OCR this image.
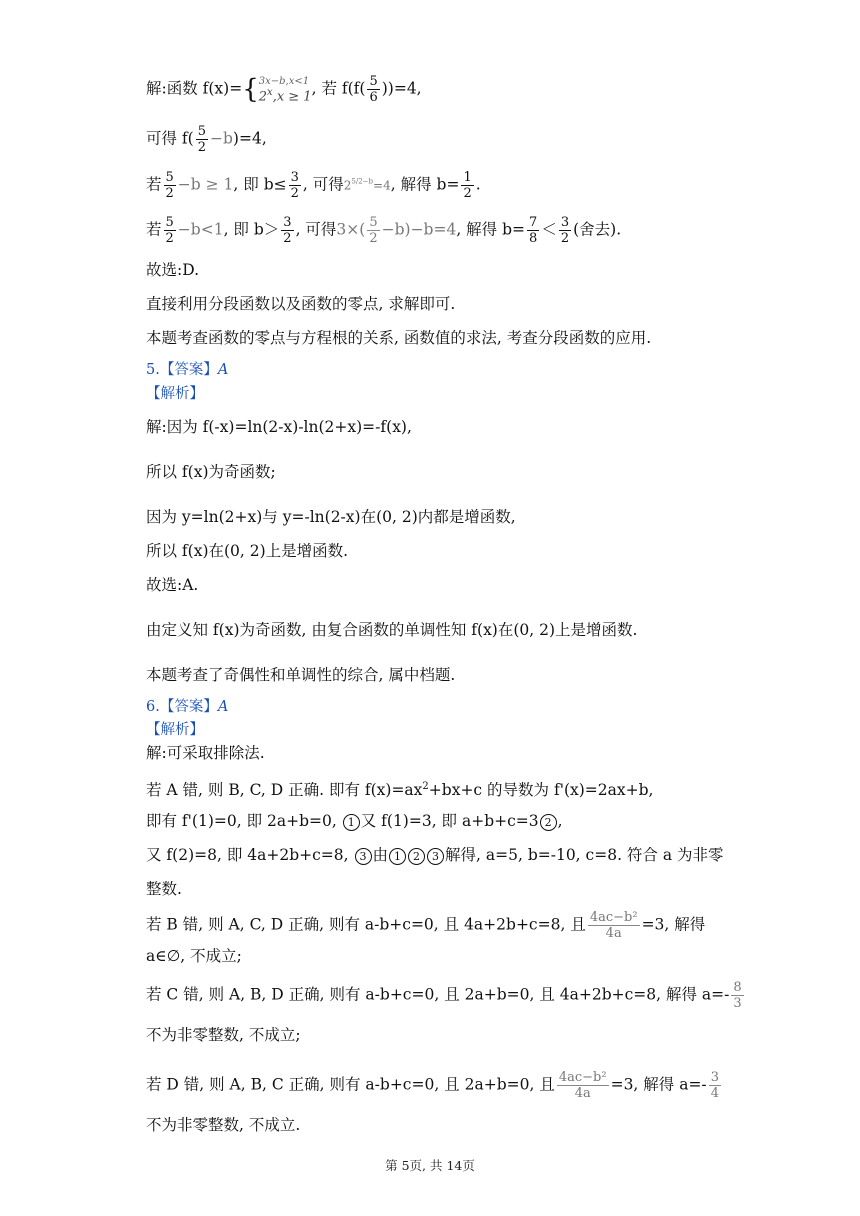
解:函数 f(x)={ 3x−b,x<1
$2^x,x \ge 1$ , 若 $f(f( \frac{5}{6} ))=4$,
可得 $f( \frac{5}{2} -b)=4$,
若 $\frac{5}{2} -b \ge 1$, 即 $b\le \frac{3}{2}$ , 可得$2^{5/2-b}=4$, 解得 $b= \frac{1}{2}$ .
若 $\frac{5}{2} -b<1$, 即 $b> \frac{3}{2}$ , 可得$3\times( \frac{5}{2} -b)-b=4$, 解得 $b= \frac{7}{8} < \frac{3}{2}$ (舍去).
故选:D.
直接利用分段函数以及函数的零点, 求解即可.
本题考查函数的零点与方程根的关系, 函数值的求法, 考查分段函数的应用.
5.【答案】A
【解析】
解:因为 f(-x)=ln(2-x)-ln(2+x)=-f(x),
所以 f(x)为奇函数;
因为 y=ln(2+x)与 y=-ln(2-x)在(0, 2)内都是增函数,
所以 f(x)在(0, 2)上是增函数.
故选:A.
由定义知 f(x)为奇函数, 由复合函数的单调性知 f(x)在(0, 2)上是增函数.
本题考查了奇偶性和单调性的综合, 属中档题.
6.【答案】A
【解析】
解:可采取排除法.
若 A 错, 则 B, C, D 正确. 即有 $f(x)=ax^2+bx+c$ 的导数为 f'(x)=2ax+b,
即有 f'(1)=0, 即 2a+b=0, 1 又 f(1)=3, 即 a+b+c=3 2 ,
又 f(2)=8, 即 4a+2b+c=8, 3 由 1 2 3 解得, a=5, b=-10, c=8. 符合 a 为非零
整数.
若 B 错, 则 A, C, D 正确, 则有 a-b+c=0, 且 4a+2b+c=8, 且 $\frac{\text{4ac−b²}}{4a} =3$, 解得
a∈∅, 不成立;
若 C 错, 则 A, B, D 正确, 则有 a-b+c=0, 且 2a+b=0, 且 4a+2b+c=8, 解得 $a=- \frac{8}{3}$
不为非零整数, 不成立;
若 D 错, 则 A, B, C 正确, 则有 a-b+c=0, 且 2a+b=0, 且 $\frac{\text{4ac−b²}}{4a} =3$, 解得 $a=- \frac{3}{4}$
不为非零整数, 不成立.
第 5页, 共 14页
